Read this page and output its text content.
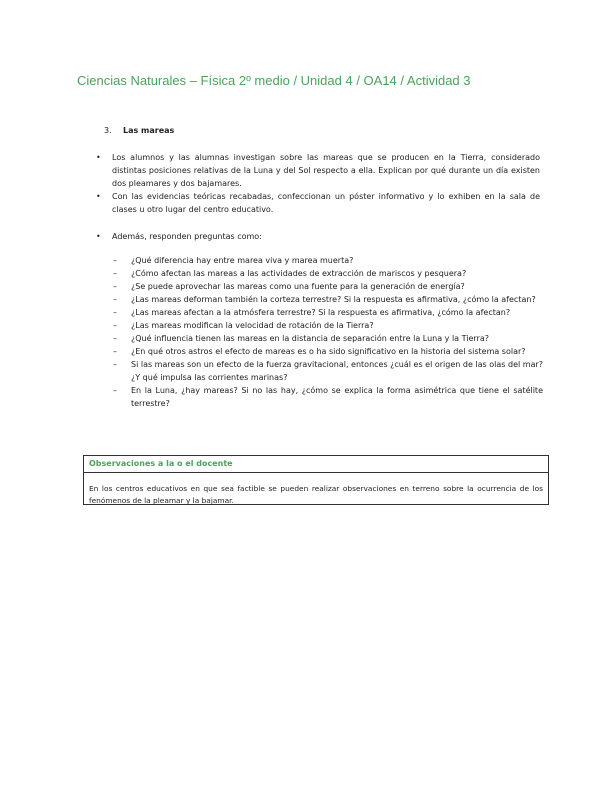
Ciencias Naturales – Física 2º medio / Unidad 4 / OA14 / Actividad 3
3. Las mareas
• Los alumnos y las alumnas investigan sobre las mareas que se producen en la Tierra, considerado distintas posiciones relativas de la Luna y del Sol respecto a ella. Explican por qué durante un día existen dos pleamares y dos bajamares.
• Con las evidencias teóricas recabadas, confeccionan un póster informativo y lo exhiben en la sala de clases u otro lugar del centro educativo.
• Además, responden preguntas como:
– ¿Qué diferencia hay entre marea viva y marea muerta?
– ¿Cómo afectan las mareas a las actividades de extracción de mariscos y pesquera?
– ¿Se puede aprovechar las mareas como una fuente para la generación de energía?
– ¿Las mareas deforman también la corteza terrestre? Si la respuesta es afirmativa, ¿cómo la afectan?
– ¿Las mareas afectan a la atmósfera terrestre? Si la respuesta es afirmativa, ¿cómo la afectan?
– ¿Las mareas modifican la velocidad de rotación de la Tierra?
– ¿Qué influencia tienen las mareas en la distancia de separación entre la Luna y la Tierra?
– ¿En qué otros astros el efecto de mareas es o ha sido significativo en la historia del sistema solar?
– Si las mareas son un efecto de la fuerza gravitacional, entonces ¿cuál es el origen de las olas del mar? ¿Y qué impulsa las corrientes marinas?
– En la Luna, ¿hay mareas? Si no las hay, ¿cómo se explica la forma asimétrica que tiene el satélite terrestre?
Observaciones a la o el docente
En los centros educativos en que sea factible se pueden realizar observaciones en terreno sobre la ocurrencia de los fenómenos de la pleamar y la bajamar.
